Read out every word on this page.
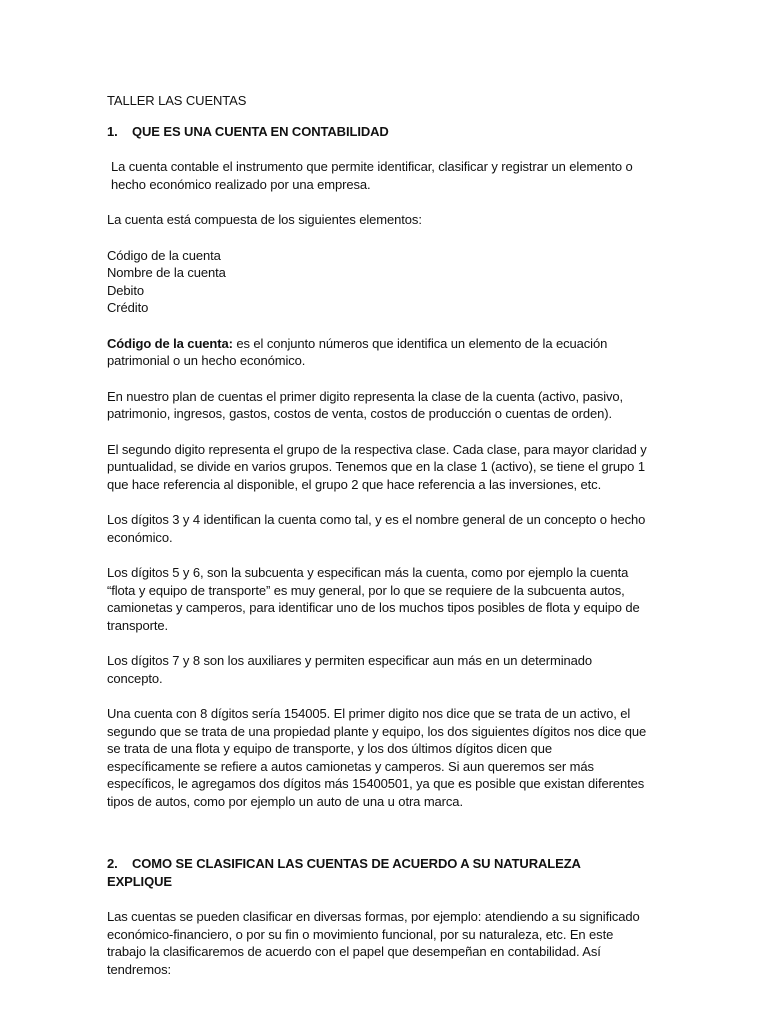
TALLER LAS CUENTAS
1. QUE ES UNA CUENTA EN CONTABILIDAD

La cuenta contable el instrumento que permite identificar, clasificar y registrar un elemento o hecho económico realizado por una empresa.

La cuenta está compuesta de los siguientes elementos:

Código de la cuenta
Nombre de la cuenta
Debito
Crédito

Código de la cuenta: es el conjunto números que identifica un elemento de la ecuación patrimonial o un hecho económico.

En nuestro plan de cuentas el primer digito representa la clase de la cuenta (activo, pasivo, patrimonio, ingresos, gastos, costos de venta, costos de producción o cuentas de orden).

El segundo digito representa el grupo de la respectiva clase. Cada clase, para mayor claridad y puntualidad, se divide en varios grupos. Tenemos que en la clase 1 (activo), se tiene el grupo 1 que hace referencia al disponible, el grupo 2 que hace referencia a las inversiones, etc.

Los dígitos 3 y 4 identifican la cuenta como tal, y es el nombre general de un concepto o hecho económico.

Los dígitos 5 y 6, son la subcuenta y especifican más la cuenta, como por ejemplo la cuenta “flota y equipo de transporte” es muy general, por lo que se requiere de la subcuenta autos, camionetas y camperos, para identificar uno de los muchos tipos posibles de flota y equipo de transporte.

Los dígitos 7 y 8 son los auxiliares y permiten especificar aun más en un determinado concepto.

Una cuenta con 8 dígitos sería 154005. El primer digito nos dice que se trata de un activo, el segundo que se trata de una propiedad plante y equipo, los dos siguientes dígitos nos dice que se trata de una flota y equipo de transporte, y los dos últimos dígitos dicen que específicamente se refiere a autos camionetas y camperos. Si aun queremos ser más específicos, le agregamos dos dígitos más 15400501, ya que es posible que existan diferentes tipos de autos, como por ejemplo un auto de una u otra marca.

2. COMO SE CLASIFICAN LAS CUENTAS DE ACUERDO A SU NATURALEZA EXPLIQUE

Las cuentas se pueden clasificar en diversas formas, por ejemplo: atendiendo a su significado económico-financiero, o por su fin o movimiento funcional, por su naturaleza, etc. En este trabajo la clasificaremos de acuerdo con el papel que desempeñan en contabilidad. Así tendremos:
